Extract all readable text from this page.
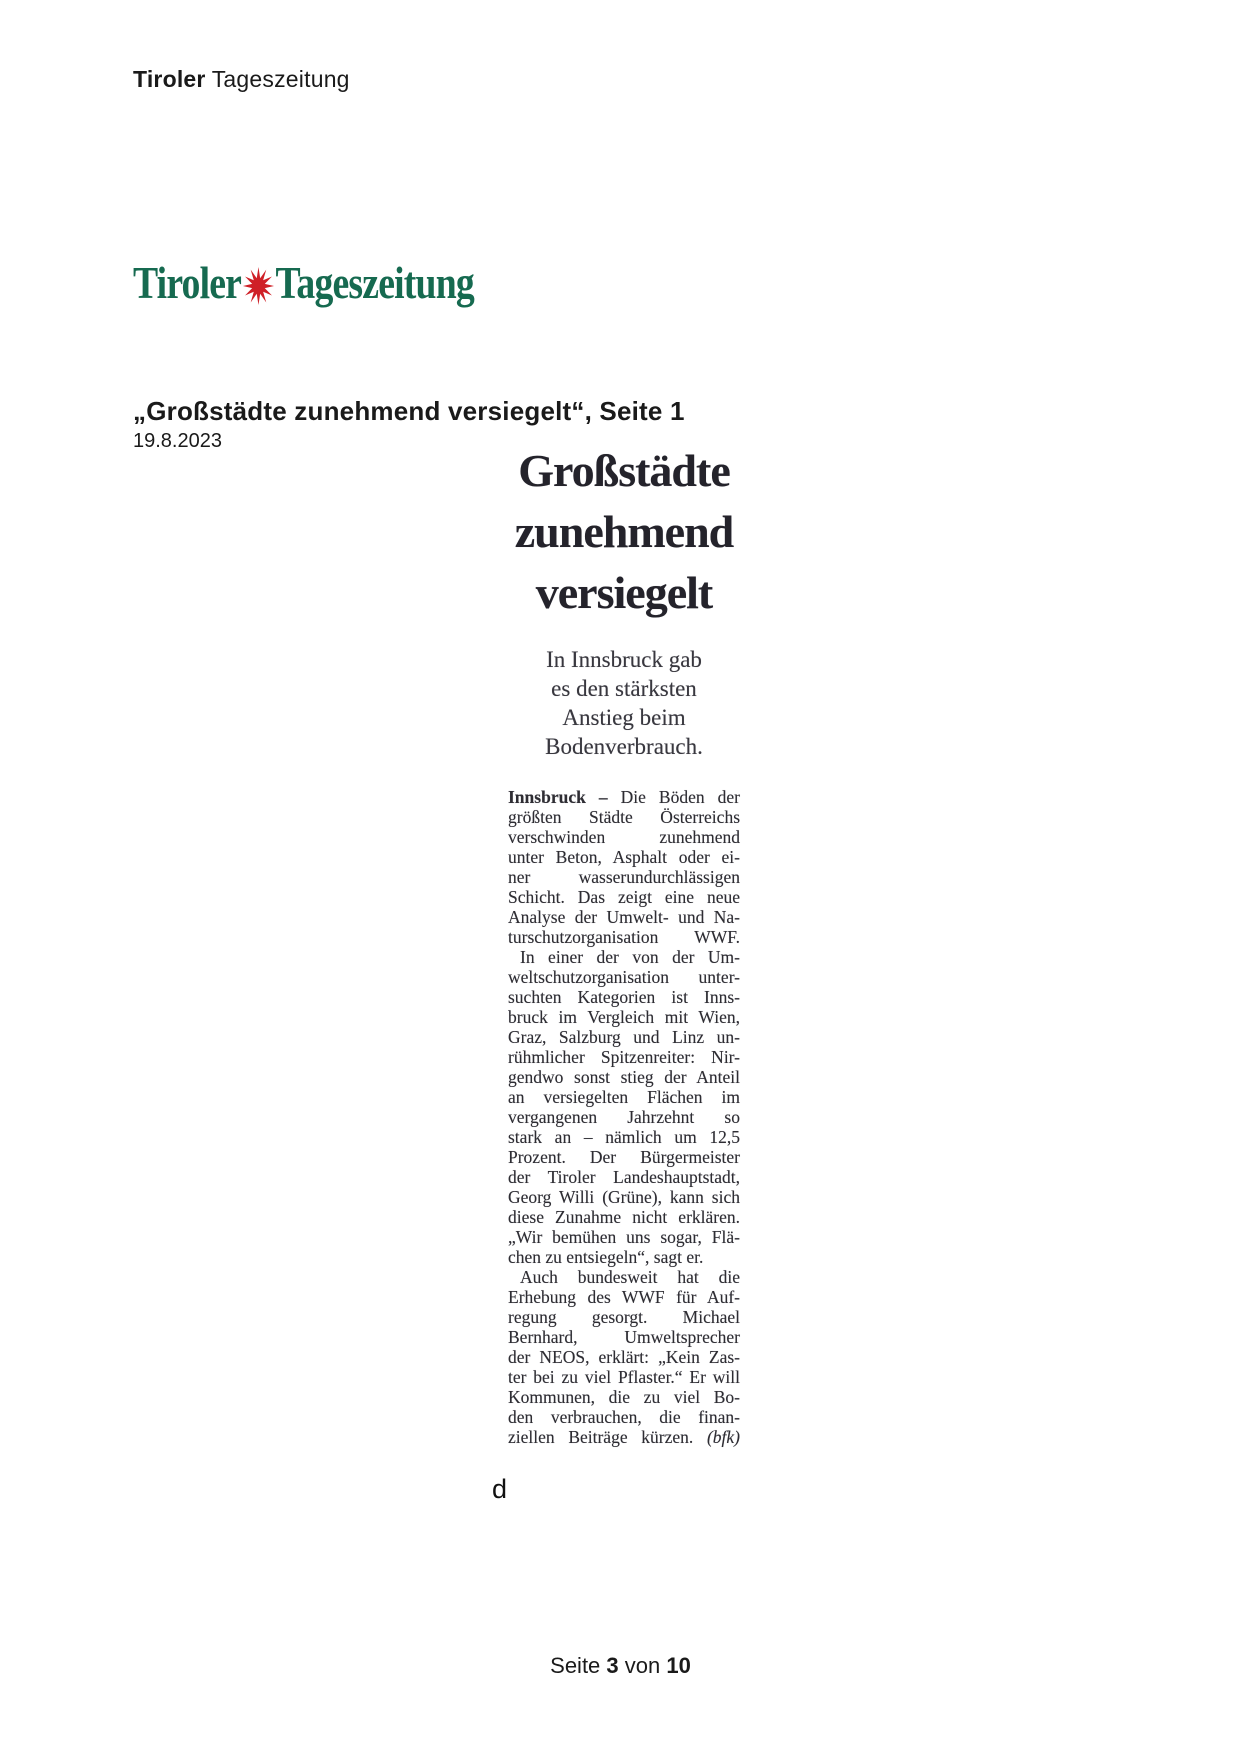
Tiroler Tageszeitung
Tiroler Tageszeitung
„Großstädte zunehmend versiegelt“, Seite 1
19.8.2023
Großstädte
zunehmend
versiegelt
In Innsbruck gab
es den stärksten
Anstieg beim
Bodenverbrauch.
Innsbruck – Die Böden der
größten Städte Österreichs
verschwinden zunehmend
unter Beton, Asphalt oder ei-
ner wasserundurchlässigen
Schicht. Das zeigt eine neue
Analyse der Umwelt- und Na-
turschutzorganisation WWF.
In einer der von der Um-
weltschutzorganisation unter-
suchten Kategorien ist Inns-
bruck im Vergleich mit Wien,
Graz, Salzburg und Linz un-
rühmlicher Spitzenreiter: Nir-
gendwo sonst stieg der Anteil
an versiegelten Flächen im
vergangenen Jahrzehnt so
stark an – nämlich um 12,5
Prozent. Der Bürgermeister
der Tiroler Landeshauptstadt,
Georg Willi (Grüne), kann sich
diese Zunahme nicht erklären.
„Wir bemühen uns sogar, Flä-
chen zu entsiegeln“, sagt er.
Auch bundesweit hat die
Erhebung des WWF für Auf-
regung gesorgt. Michael
Bernhard, Umweltsprecher
der NEOS, erklärt: „Kein Zas-
ter bei zu viel Pflaster.“ Er will
Kommunen, die zu viel Bo-
den verbrauchen, die finan-
ziellen Beiträge kürzen. (bfk)
d
Seite 3 von 10
